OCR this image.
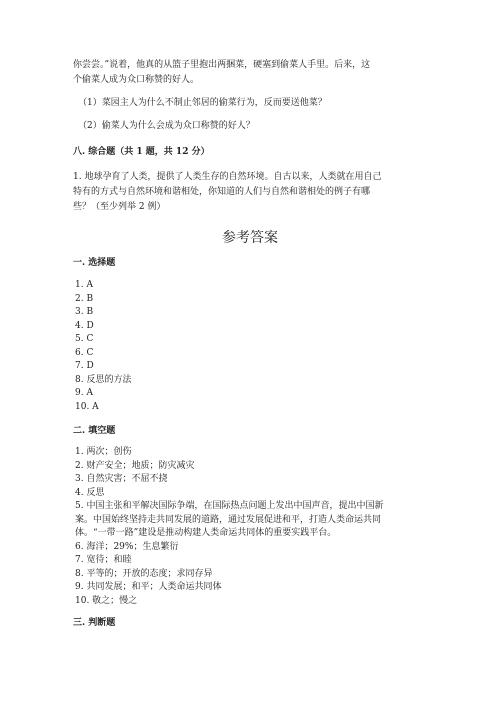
你尝尝。”说着，他真的从篮子里抱出两捆菜，硬塞到偷菜人手里。后来，这
个偷菜人成为众口称赞的好人。
（1）菜园主人为什么不制止邻居的偷菜行为，反而要送他菜？
（2）偷菜人为什么会成为众口称赞的好人？
八. 综合题（共 1 题，共 12 分）
1. 地球孕育了人类，提供了人类生存的自然环境。自古以来，人类就在用自己
特有的方式与自然环境和谐相处，你知道的人们与自然和谐相处的例子有哪
些？（至少列举 2 例）
参考答案
一. 选择题
1. A
2. B
3. B
4. D
5. C
6. C
7. D
8. 反思的方法
9. A
10. A
二. 填空题
1. 两次；创伤
2. 财产安全；地质；防灾减灾
3. 自然灾害；不屈不挠
4. 反思
5. 中国主张和平解决国际争端，在国际热点问题上发出中国声音，提出中国新
案。中国始终坚持走共同发展的道路，通过发展促进和平，打造人类命运共同
体。“一带一路”建设是推动构建人类命运共同体的重要实践平台。
6. 海洋；29%；生息繁衍
7. 宽待；和睦
8. 平等的；开放的态度；求同存异
9. 共同发展；和平；人类命运共同体
10. 敬之；慢之
三. 判断题
